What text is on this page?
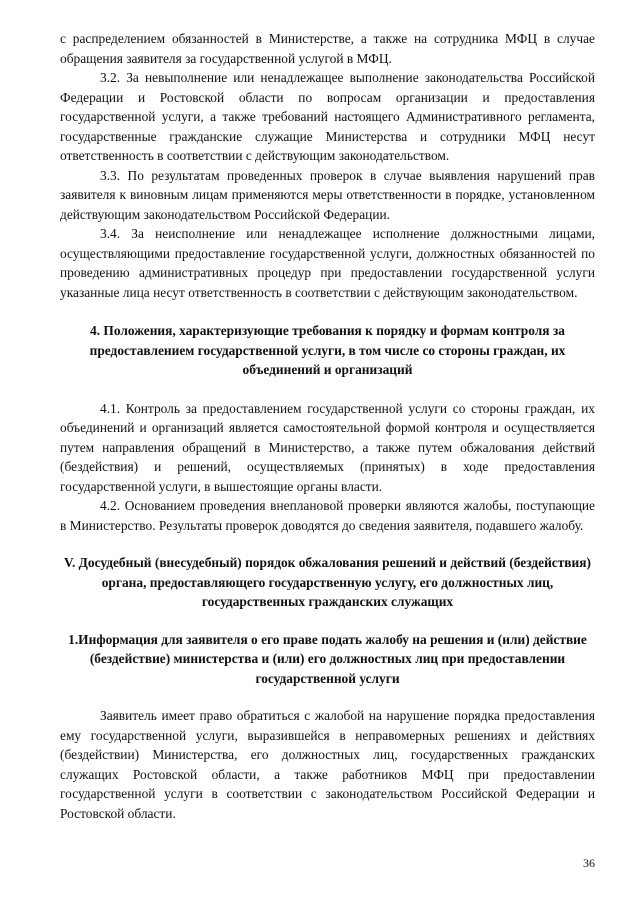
с распределением обязанностей в Министерстве, а также на сотрудника МФЦ в случае обращения заявителя за государственной услугой в МФЦ.

3.2. За невыполнение или ненадлежащее выполнение законодательства Российской Федерации и Ростовской области по вопросам организации и предоставления государственной услуги, а также требований настоящего Административного регламента, государственные гражданские служащие Министерства и сотрудники МФЦ несут ответственность в соответствии с действующим законодательством.

3.3. По результатам проведенных проверок в случае выявления нарушений прав заявителя к виновным лицам применяются меры ответственности в порядке, установленном действующим законодательством Российской Федерации.

3.4. За неисполнение или ненадлежащее исполнение должностными лицами, осуществляющими предоставление государственной услуги, должностных обязанностей по проведению административных процедур при предоставлении государственной услуги указанные лица несут ответственность в соответствии с действующим законодательством.

4. Положения, характеризующие требования к порядку и формам контроля за предоставлением государственной услуги, в том числе со стороны граждан, их объединений и организаций

4.1. Контроль за предоставлением государственной услуги со стороны граждан, их объединений и организаций является самостоятельной формой контроля и осуществляется путем направления обращений в Министерство, а также путем обжалования действий (бездействия) и решений, осуществляемых (принятых) в ходе предоставления государственной услуги, в вышестоящие органы власти.

4.2. Основанием проведения внеплановой проверки являются жалобы, поступающие в Министерство. Результаты проверок доводятся до сведения заявителя, подавшего жалобу.

V. Досудебный (внесудебный) порядок обжалования решений и действий (бездействия) органа, предоставляющего государственную услугу, его должностных лиц, государственных гражданских служащих
1.Информация для заявителя о его праве подать жалобу на решения и (или) действие (бездействие) министерства и (или) его должностных лиц при предоставлении государственной услуги

Заявитель имеет право обратиться с жалобой на нарушение порядка предоставления ему государственной услуги, выразившейся в неправомерных решениях и действиях (бездействии) Министерства, его должностных лиц, государственных гражданских служащих Ростовской области, а также работников МФЦ при предоставлении государственной услуги в соответствии с законодательством Российской Федерации и Ростовской области.

36
